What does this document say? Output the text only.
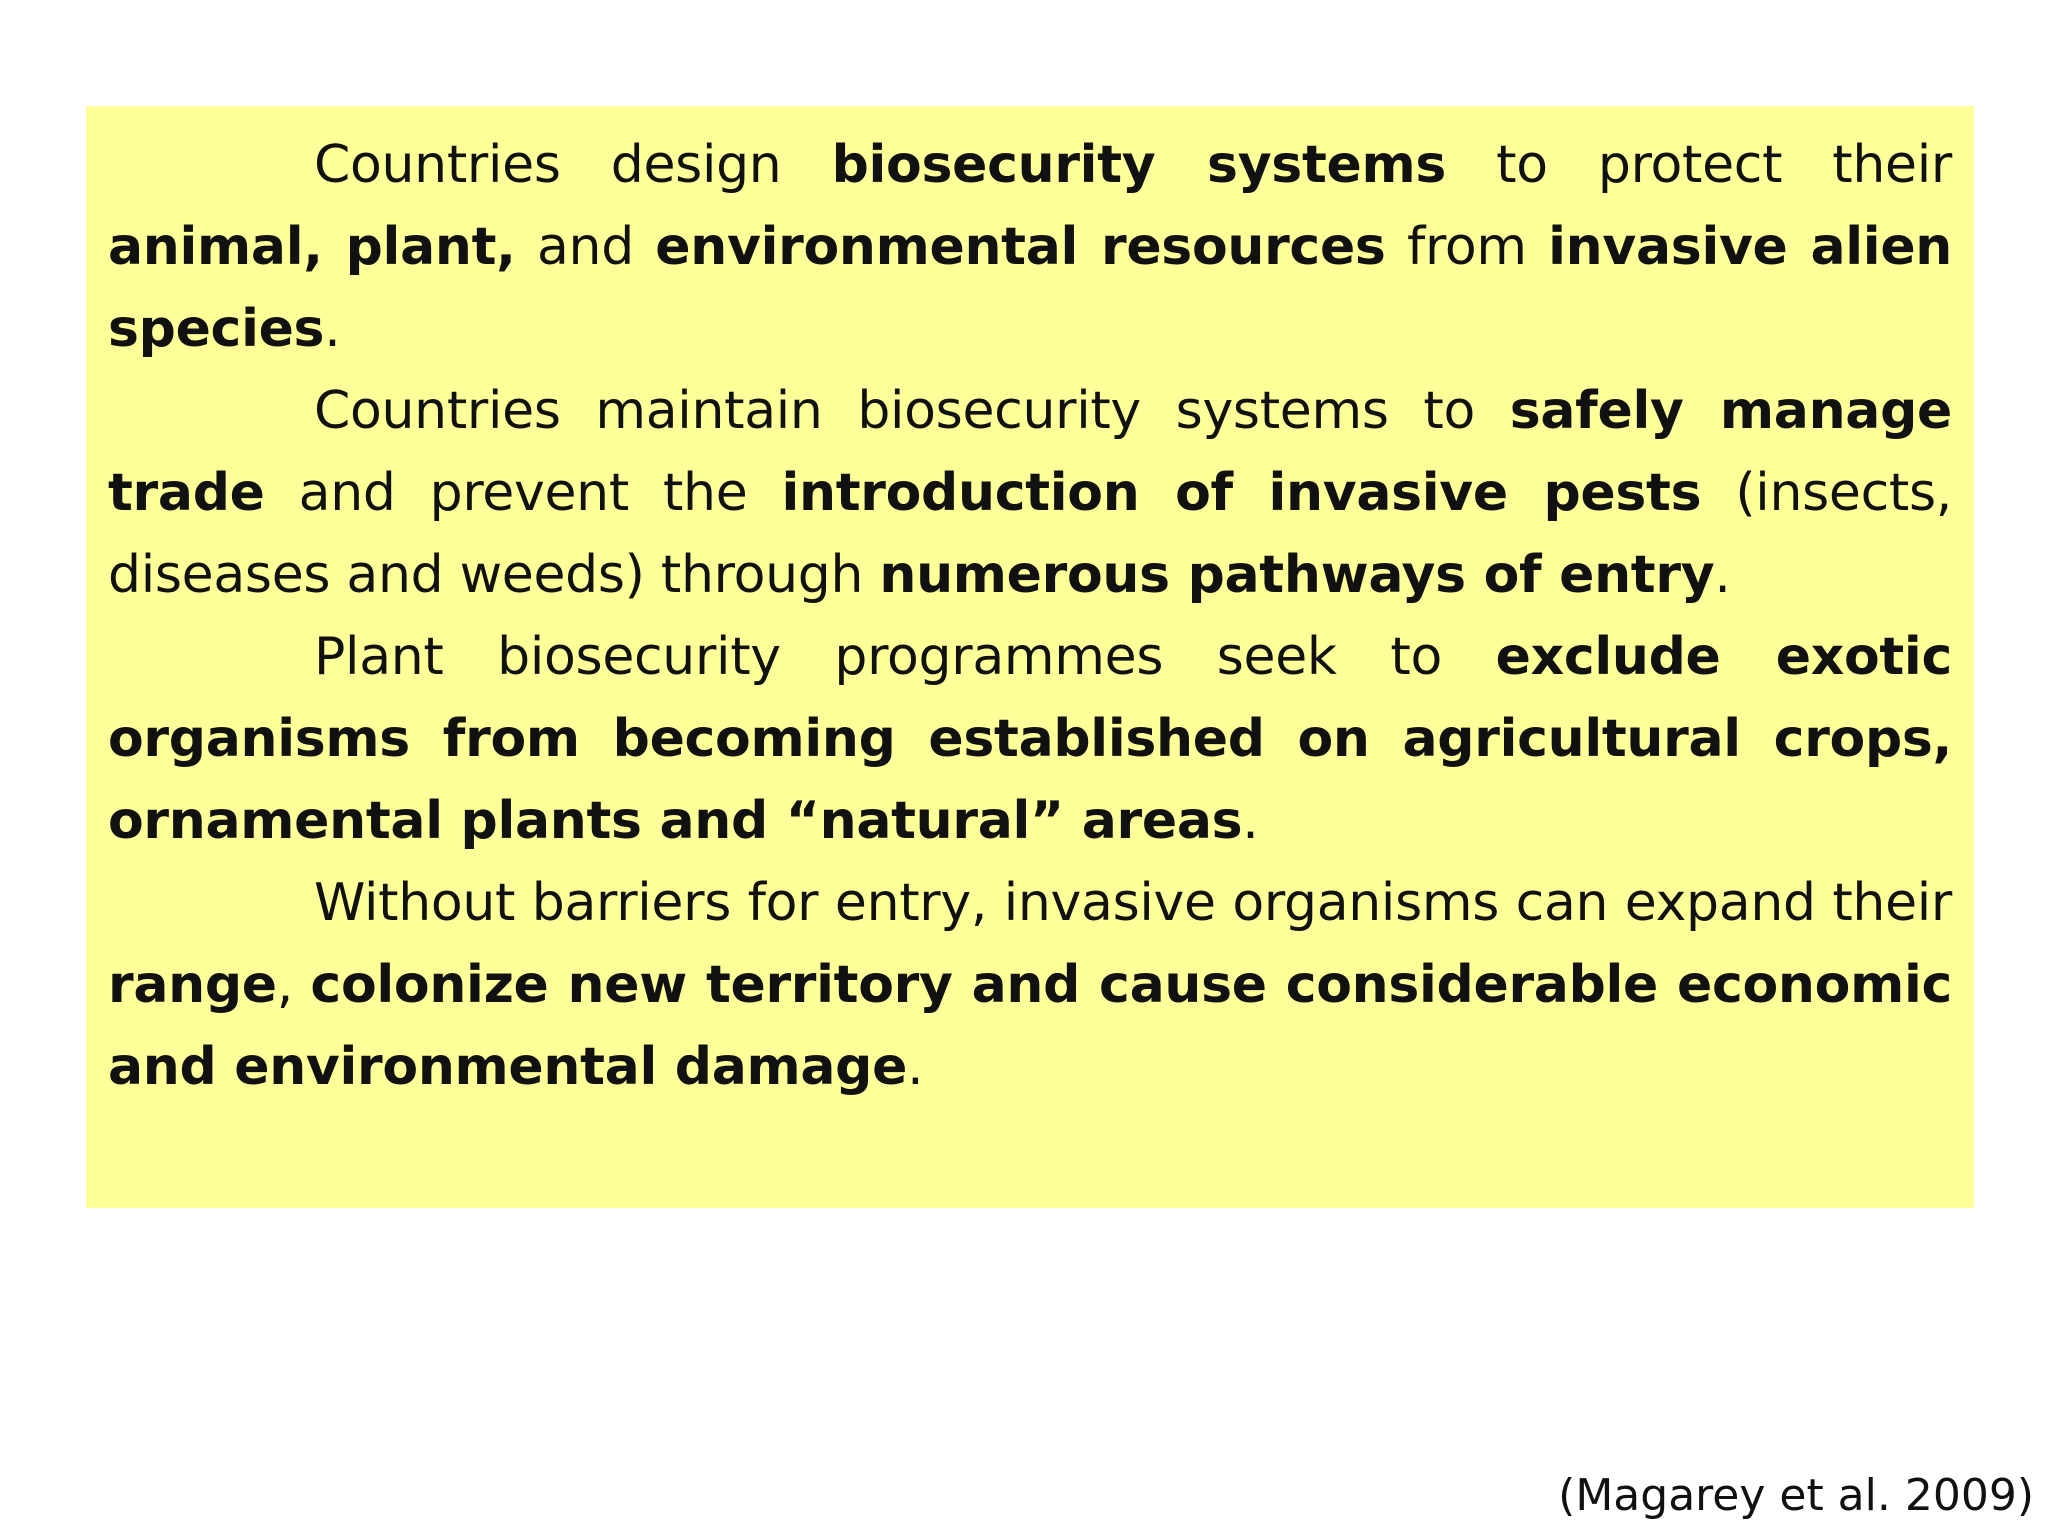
Countries design biosecurity systems to protect their animal, plant, and environmental resources from invasive alien species.

Countries maintain biosecurity systems to safely manage trade and prevent the introduction of invasive pests (insects, diseases and weeds) through numerous pathways of entry.

Plant biosecurity programmes seek to exclude exotic organisms from becoming established on agricultural crops, ornamental plants and “natural” areas.

Without barriers for entry, invasive organisms can expand their range, colonize new territory and cause considerable economic and environmental damage.

(Magarey et al. 2009)
